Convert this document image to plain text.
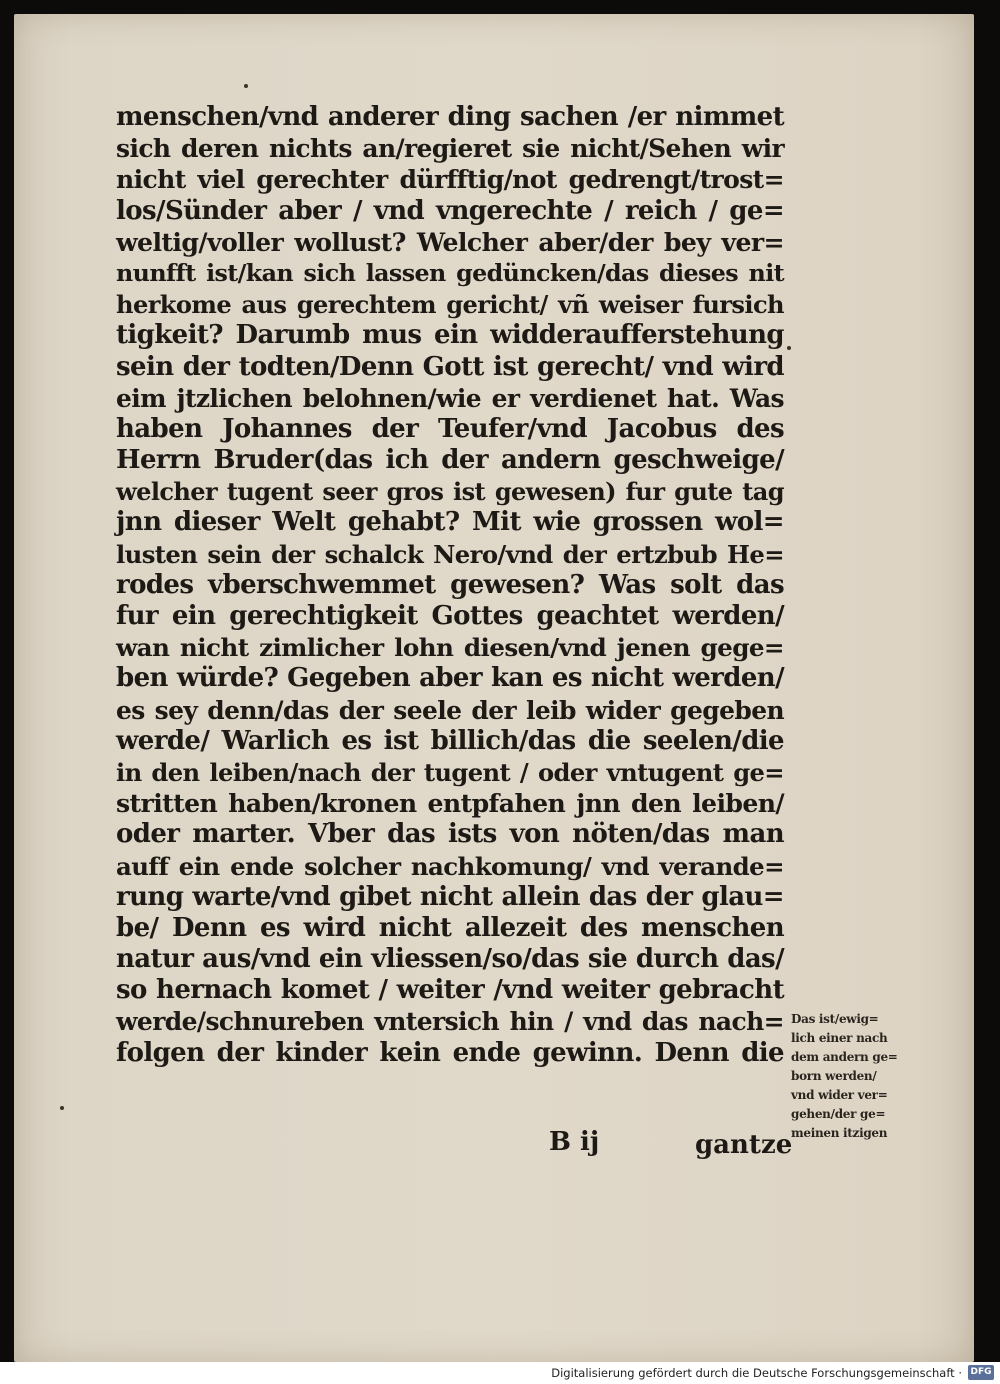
menschen/vnd anderer ding sachen /er nimmet
sich deren nichts an/regieret sie nicht/Sehen wir
nicht viel gerechter dürfftig/not gedrengt/trost=
los/Sünder aber / vnd vngerechte / reich / ge=
weltig/voller wollust? Welcher aber/der bey ver=
nunfft ist/kan sich lassen gedüncken/das dieses nit
herkome aus gerechtem gericht/ vñ weiser fursich
tigkeit? Darumb mus ein widderaufferstehung
sein der todten/Denn Gott ist gerecht/ vnd wird
eim jtzlichen belohnen/wie er verdienet hat. Was
haben Johannes der Teufer/vnd Jacobus des
Herrn Bruder(das ich der andern geschweige/
welcher tugent seer gros ist gewesen) fur gute tag
jnn dieser Welt gehabt? Mit wie grossen wol=
lusten sein der schalck Nero/vnd der ertzbub He=
rodes vberschwemmet gewesen? Was solt das
fur ein gerechtigkeit Gottes geachtet werden/
wan nicht zimlicher lohn diesen/vnd jenen gege=
ben würde? Gegeben aber kan es nicht werden/
es sey denn/das der seele der leib wider gegeben
werde/ Warlich es ist billich/das die seelen/die
in den leiben/nach der tugent / oder vntugent ge=
stritten haben/kronen entpfahen jnn den leiben/
oder marter. Vber das ists von nöten/das man
auff ein ende solcher nachkomung/ vnd verande=
rung warte/vnd gibet nicht allein das der glau=
be/ Denn es wird nicht allezeit des menschen
natur aus/vnd ein vliessen/so/das sie durch das/
so hernach komet / weiter /vnd weiter gebracht
werde/schnureben vntersich hin / vnd das nach=
folgen der kinder kein ende gewinn. Denn die
B ij	gantze
Das ist/ewig=
lich einer nach
dem andern ge=
born werden/
vnd wider ver=
gehen/der ge=
meinen itzigen
Digitalisierung gefördert durch die Deutsche Forschungsgemeinschaft · DFG
